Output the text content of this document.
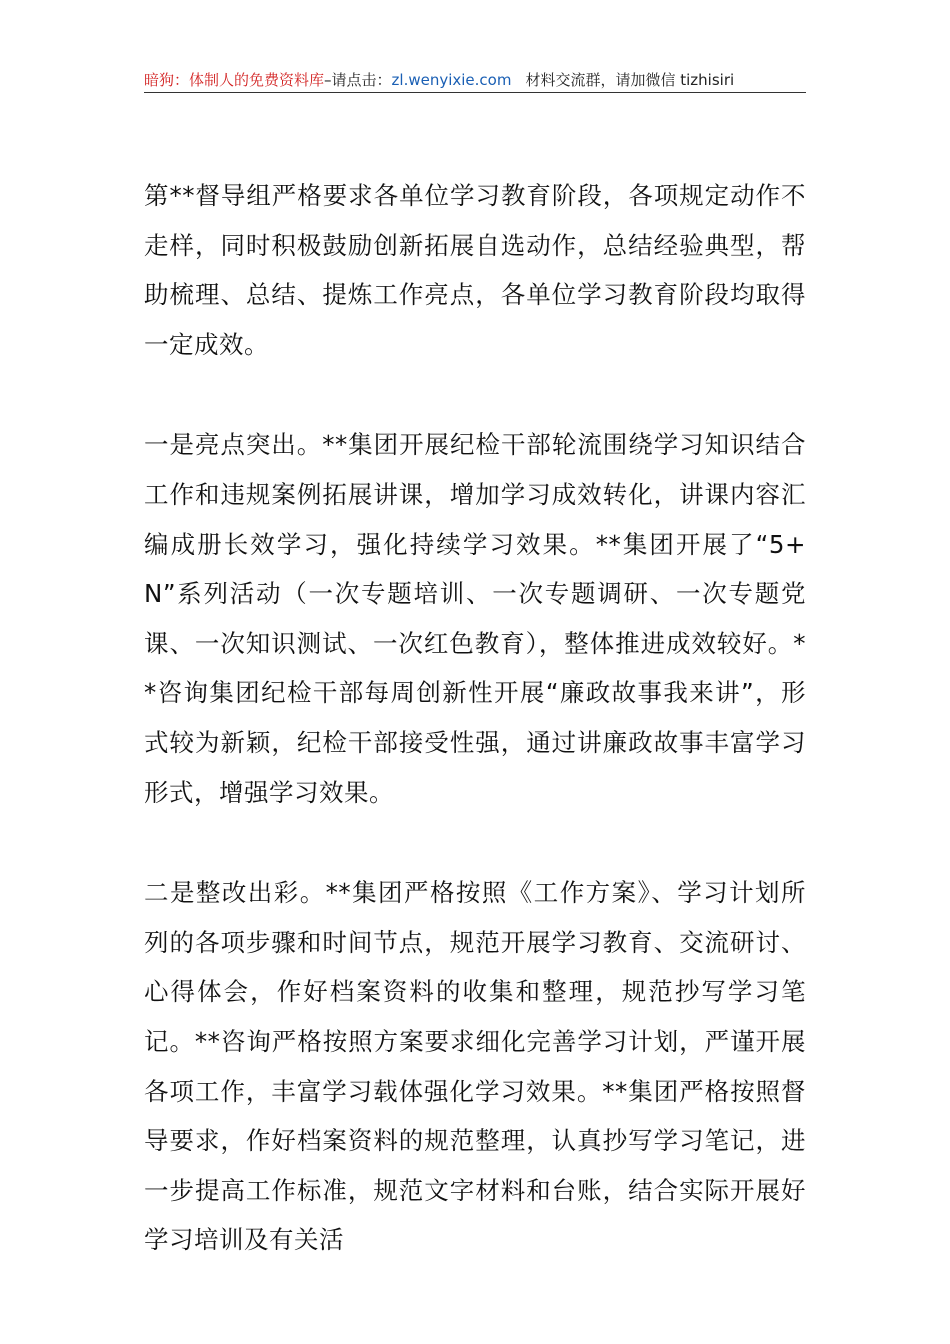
暗狗：体制人的免费资料库–请点击：zl.wenyixie.com 材料交流群，请加微信 tizhisiri

第**督导组严格要求各单位学习教育阶段，各项规定动作不走样，同时积极鼓励创新拓展自选动作，总结经验典型，帮助梳理、总结、提炼工作亮点，各单位学习教育阶段均取得一定成效。

一是亮点突出。**集团开展纪检干部轮流围绕学习知识结合工作和违规案例拓展讲课，增加学习成效转化，讲课内容汇编成册长效学习，强化持续学习效果。**集团开展了“5+N”系列活动（一次专题培训、一次专题调研、一次专题党课、一次知识测试、一次红色教育），整体推进成效较好。**咨询集团纪检干部每周创新性开展“廉政故事我来讲”，形式较为新颖，纪检干部接受性强，通过讲廉政故事丰富学习形式，增强学习效果。

二是整改出彩。**集团严格按照《工作方案》、学习计划所列的各项步骤和时间节点，规范开展学习教育、交流研讨、心得体会，作好档案资料的收集和整理，规范抄写学习笔记。**咨询严格按照方案要求细化完善学习计划，严谨开展各项工作，丰富学习载体强化学习效果。**集团严格按照督导要求，作好档案资料的规范整理，认真抄写学习笔记，进一步提高工作标准，规范文字材料和台账，结合实际开展好学习培训及有关活
